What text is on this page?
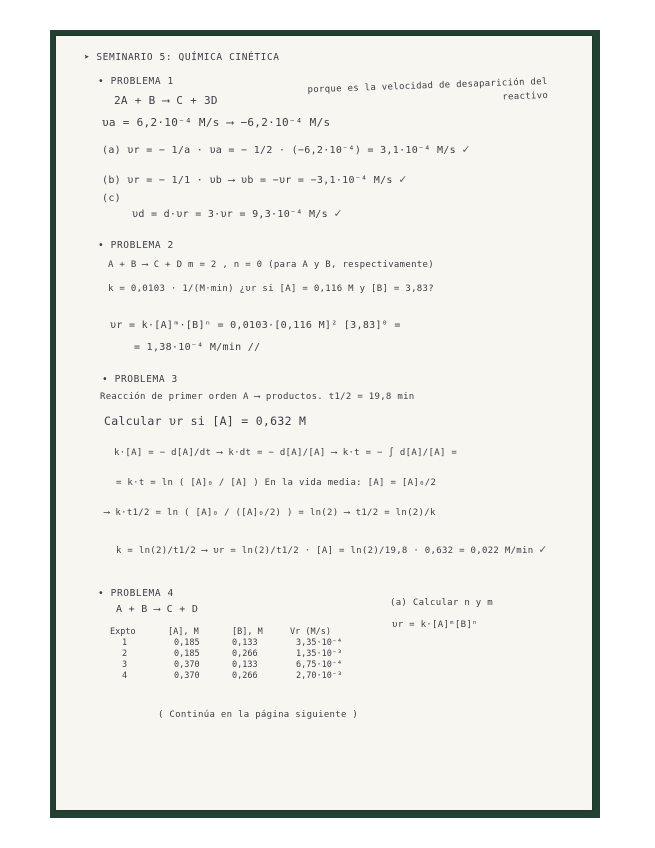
➤ SEMINARIO 5: QUÍMICA CINÉTICA
• PROBLEMA 1
2A + B ⟶ C + 3D
porque es la velocidad de desaparición del reactivo
υa = 6,2·10⁻⁴ M/s ⟶ −6,2·10⁻⁴ M/s
(a) υr = − 1/a · υa = − 1/2 · (−6,2·10⁻⁴) = 3,1·10⁻⁴ M/s ✓
(b) υr = − 1/1 · υb ⟶ υb = −υr = −3,1·10⁻⁴ M/s ✓
(c)
υd = d·υr = 3·υr = 9,3·10⁻⁴ M/s ✓
• PROBLEMA 2
A + B ⟶ C + D m = 2 , n = 0 (para A y B, respectivamente)
k = 0,0103 · 1/(M·min) ¿υr si [A] = 0,116 M y [B] = 3,83?
υr = k·[A]ᵐ·[B]ⁿ = 0,0103·[0,116 M]² [3,83]⁰ =
= 1,38·10⁻⁴ M/min //
• PROBLEMA 3
Reacción de primer orden A ⟶ productos. t1/2 = 19,8 min
Calcular υr si [A] = 0,632 M
k·[A] = − d[A]/dt ⟶ k·dt = − d[A]/[A] ⟶ k·t = − ∫ d[A]/[A] =
= k·t = ln ( [A]₀ / [A] ) En la vida media: [A] = [A]₀/2
⟶ k·t1/2 = ln ( [A]₀ / ([A]₀/2) ) = ln(2) ⟶ t1/2 = ln(2)/k
k = ln(2)/t1/2 ⟶ υr = ln(2)/t1/2 · [A] = ln(2)/19,8 · 0,632 = 0,022 M/min ✓
• PROBLEMA 4
A + B ⟶ C + D
(a) Calcular n y m
υr = k·[A]ᵐ[B]ⁿ
Expto	[A], M	[B], M	Vr (M/s)
1	0,185	0,133	3,35·10⁻⁴
2	0,185	0,266	1,35·10⁻³
3	0,370	0,133	6,75·10⁻⁴
4	0,370	0,266	2,70·10⁻³
( Continúa en la página siguiente )
